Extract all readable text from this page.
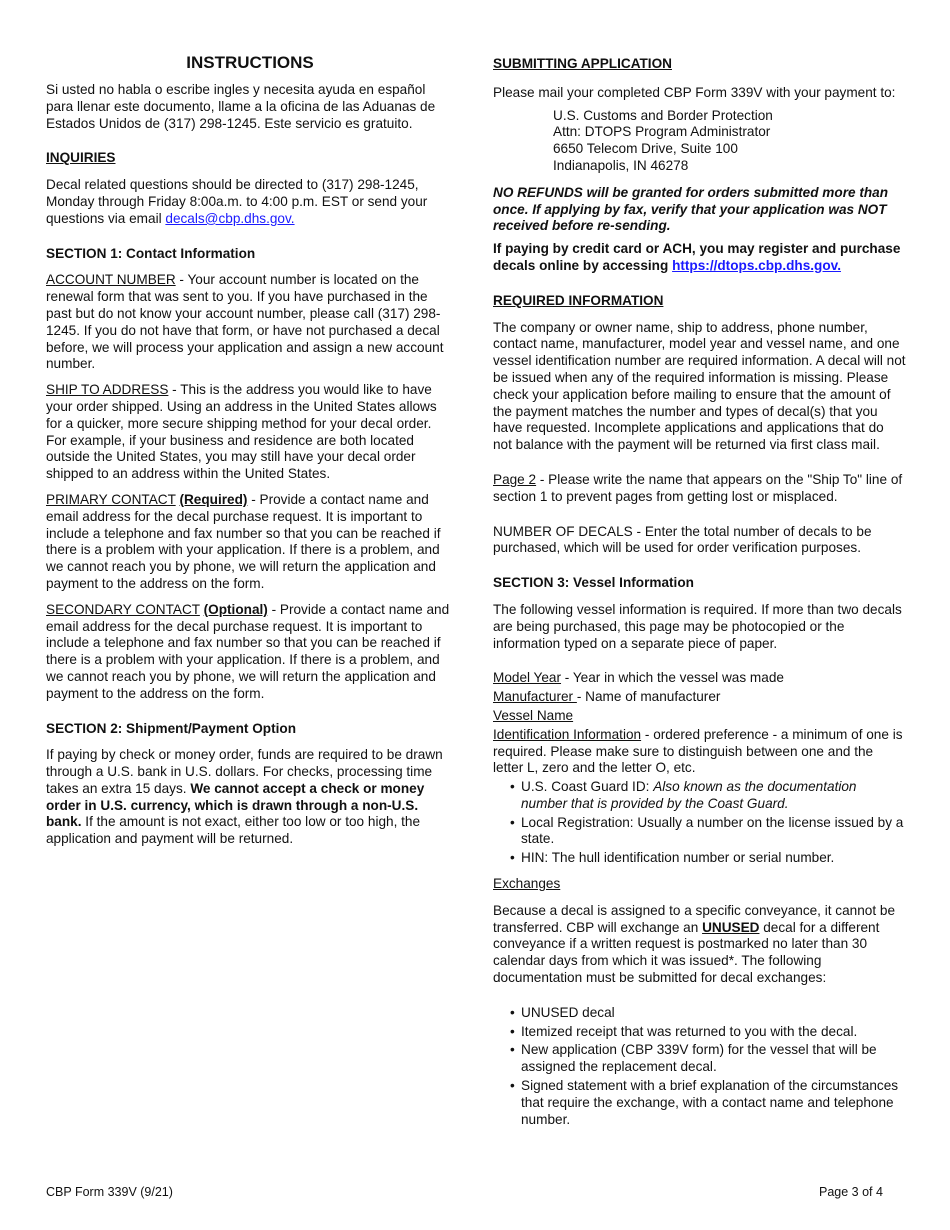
INSTRUCTIONS

Si usted no habla o escribe ingles y necesita ayuda en español para llenar este documento, llame a la oficina de las Aduanas de Estados Unidos de (317) 298-1245. Este servicio es gratuito.

INQUIRIES

Decal related questions should be directed to (317) 298-1245, Monday through Friday 8:00a.m. to 4:00 p.m. EST or send your questions via email decals@cbp.dhs.gov.

SECTION 1: Contact Information

ACCOUNT NUMBER - Your account number is located on the renewal form that was sent to you. If you have purchased in the past but do not know your account number, please call (317) 298-1245. If you do not have that form, or have not purchased a decal before, we will process your application and assign a new account number.

SHIP TO ADDRESS - This is the address you would like to have your order shipped. Using an address in the United States allows for a quicker, more secure shipping method for your decal order. For example, if your business and residence are both located outside the United States, you may still have your decal order shipped to an address within the United States.

PRIMARY CONTACT (Required) - Provide a contact name and email address for the decal purchase request. It is important to include a telephone and fax number so that you can be reached if there is a problem with your application. If there is a problem, and we cannot reach you by phone, we will return the application and payment to the address on the form.

SECONDARY CONTACT (Optional) - Provide a contact name and email address for the decal purchase request. It is important to include a telephone and fax number so that you can be reached if there is a problem with your application. If there is a problem, and we cannot reach you by phone, we will return the application and payment to the address on the form.

SECTION 2: Shipment/Payment Option

If paying by check or money order, funds are required to be drawn through a U.S. bank in U.S. dollars. For checks, processing time takes an extra 15 days. We cannot accept a check or money order in U.S. currency, which is drawn through a non-U.S. bank. If the amount is not exact, either too low or too high, the application and payment will be returned.

SUBMITTING APPLICATION

Please mail your completed CBP Form 339V with your payment to:

U.S. Customs and Border Protection
Attn: DTOPS Program Administrator
6650 Telecom Drive, Suite 100
Indianapolis, IN 46278

NO REFUNDS will be granted for orders submitted more than once. If applying by fax, verify that your application was NOT received before re-sending.

If paying by credit card or ACH, you may register and purchase decals online by accessing https://dtops.cbp.dhs.gov.

REQUIRED INFORMATION

The company or owner name, ship to address, phone number, contact name, manufacturer, model year and vessel name, and one vessel identification number are required information. A decal will not be issued when any of the required information is missing. Please check your application before mailing to ensure that the amount of the payment matches the number and types of decal(s) that you have requested. Incomplete applications and applications that do not balance with the payment will be returned via first class mail.

Page 2 - Please write the name that appears on the "Ship To" line of section 1 to prevent pages from getting lost or misplaced.

NUMBER OF DECALS - Enter the total number of decals to be purchased, which will be used for order verification purposes.

SECTION 3: Vessel Information

The following vessel information is required. If more than two decals are being purchased, this page may be photocopied or the information typed on a separate piece of paper.

Model Year - Year in which the vessel was made
Manufacturer - Name of manufacturer
Vessel Name
Identification Information - ordered preference - a minimum of one is required. Please make sure to distinguish between one and the letter L, zero and the letter O, etc.
• U.S. Coast Guard ID: Also known as the documentation number that is provided by the Coast Guard.
• Local Registration: Usually a number on the license issued by a state.
• HIN: The hull identification number or serial number.
Exchanges

Because a decal is assigned to a specific conveyance, it cannot be transferred. CBP will exchange an UNUSED decal for a different conveyance if a written request is postmarked no later than 30 calendar days from which it was issued*. The following documentation must be submitted for decal exchanges:

• UNUSED decal
• Itemized receipt that was returned to you with the decal.
• New application (CBP 339V form) for the vessel that will be assigned the replacement decal.
• Signed statement with a brief explanation of the circumstances that require the exchange, with a contact name and telephone number.
CBP Form 339V (9/21)	Page 3 of 4
